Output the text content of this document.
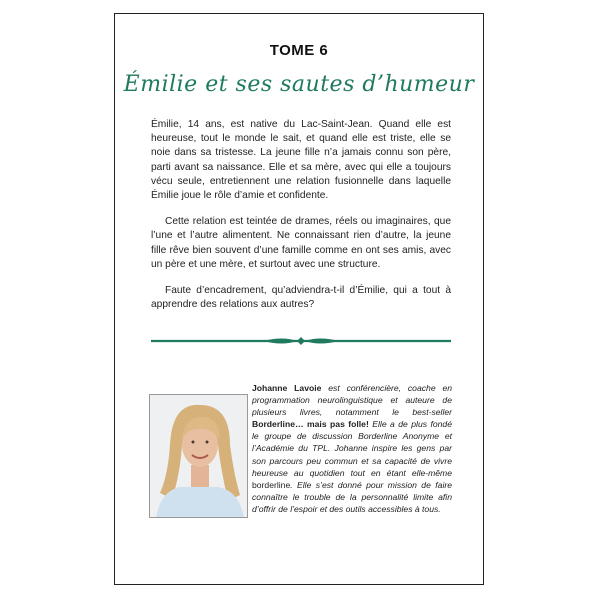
TOME 6
Émilie et ses sautes d’humeur

Émilie, 14 ans, est native du Lac-Saint-Jean. Quand elle est heureuse, tout le monde le sait, et quand elle est triste, elle se noie dans sa tristesse. La jeune fille n’a jamais connu son père, parti avant sa naissance. Elle et sa mère, avec qui elle a toujours vécu seule, entretiennent une relation fusionnelle dans laquelle Émilie joue le rôle d’amie et confidente.

Cette relation est teintée de drames, réels ou imaginaires, que l’une et l’autre alimentent. Ne connaissant rien d’autre, la jeune fille rêve bien souvent d’une famille comme en ont ses amis, avec un père et une mère, et surtout avec une structure.

Faute d’encadrement, qu’adviendra-t-il d’Émilie, qui a tout à apprendre des relations aux autres?

Johanne Lavoie est conférencière, coache en programmation neurolinguistique et auteure de plusieurs livres, notamment le best-seller Borderline… mais pas folle! Elle a de plus fondé le groupe de discussion Borderline Anonyme et l’Académie du TPL. Johanne inspire les gens par son parcours peu commun et sa capacité de vivre heureuse au quotidien tout en étant elle-même borderline. Elle s’est donné pour mission de faire connaître le trouble de la personnalité limite afin d’offrir de l’espoir et des outils accessibles à tous.
